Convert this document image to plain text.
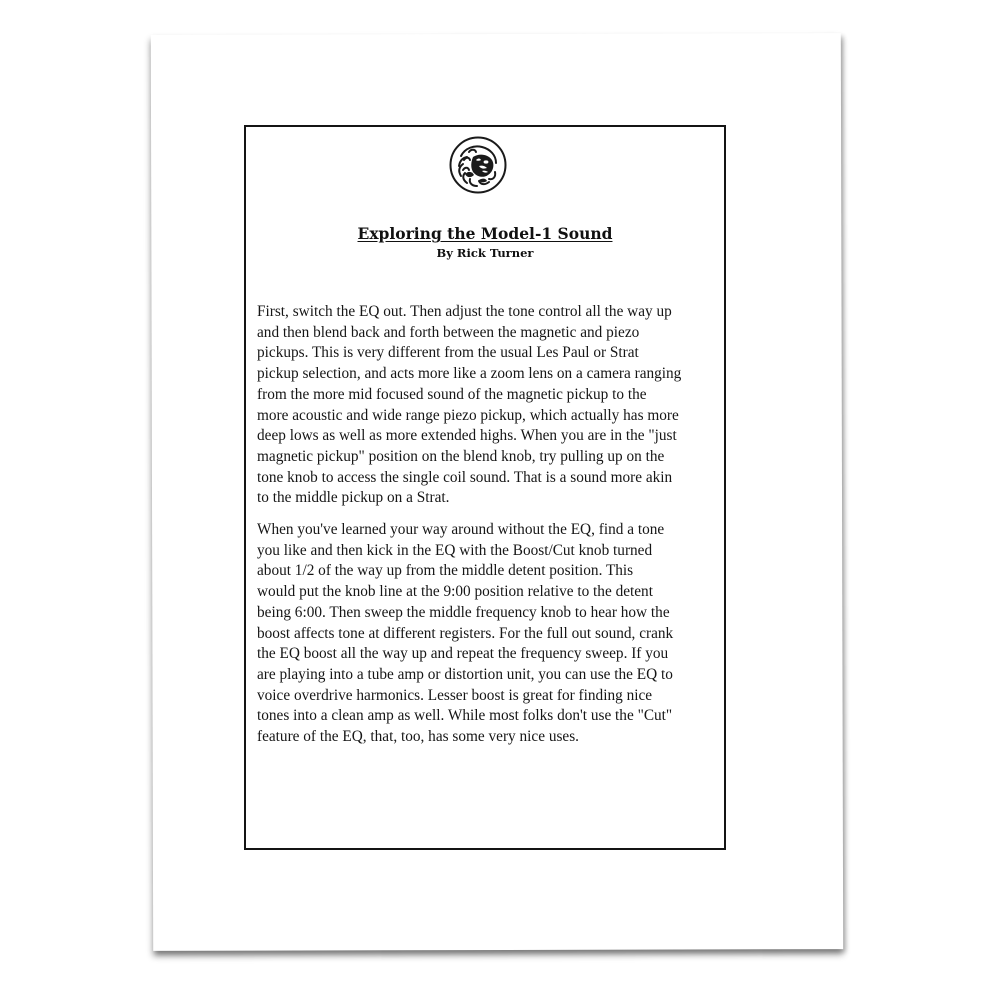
Exploring the Model-1 Sound
By Rick Turner

First, switch the EQ out. Then adjust the tone control all the way up
and then blend back and forth between the magnetic and piezo
pickups. This is very different from the usual Les Paul or Strat
pickup selection, and acts more like a zoom lens on a camera ranging
from the more mid focused sound of the magnetic pickup to the
more acoustic and wide range piezo pickup, which actually has more
deep lows as well as more extended highs. When you are in the "just
magnetic pickup" position on the blend knob, try pulling up on the
tone knob to access the single coil sound. That is a sound more akin
to the middle pickup on a Strat.

When you've learned your way around without the EQ, find a tone
you like and then kick in the EQ with the Boost/Cut knob turned
about 1/2 of the way up from the middle detent position. This
would put the knob line at the 9:00 position relative to the detent
being 6:00. Then sweep the middle frequency knob to hear how the
boost affects tone at different registers. For the full out sound, crank
the EQ boost all the way up and repeat the frequency sweep. If you
are playing into a tube amp or distortion unit, you can use the EQ to
voice overdrive harmonics. Lesser boost is great for finding nice
tones into a clean amp as well. While most folks don't use the "Cut"
feature of the EQ, that, too, has some very nice uses.
